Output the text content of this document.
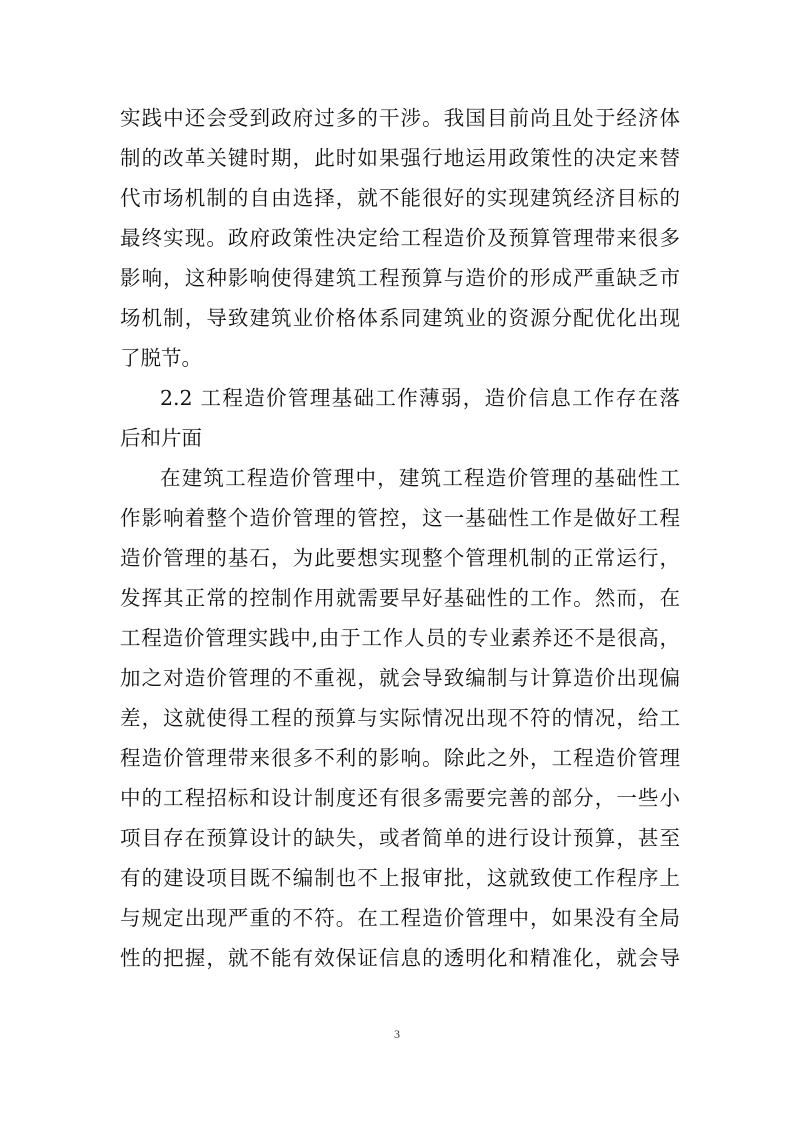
实践中还会受到政府过多的干涉。我国目前尚且处于经济体
制的改革关键时期，此时如果强行地运用政策性的决定来替
代市场机制的自由选择，就不能很好的实现建筑经济目标的
最终实现。政府政策性决定给工程造价及预算管理带来很多
影响，这种影响使得建筑工程预算与造价的形成严重缺乏市
场机制，导致建筑业价格体系同建筑业的资源分配优化出现
了脱节。
2.2 工程造价管理基础工作薄弱，造价信息工作存在落
后和片面
在建筑工程造价管理中，建筑工程造价管理的基础性工
作影响着整个造价管理的管控，这一基础性工作是做好工程
造价管理的基石，为此要想实现整个管理机制的正常运行，
发挥其正常的控制作用就需要早好基础性的工作。然而，在
工程造价管理实践中,由于工作人员的专业素养还不是很高，
加之对造价管理的不重视，就会导致编制与计算造价出现偏
差，这就使得工程的预算与实际情况出现不符的情况，给工
程造价管理带来很多不利的影响。除此之外，工程造价管理
中的工程招标和设计制度还有很多需要完善的部分，一些小
项目存在预算设计的缺失，或者简单的进行设计预算，甚至
有的建设项目既不编制也不上报审批，这就致使工作程序上
与规定出现严重的不符。在工程造价管理中，如果没有全局
性的把握，就不能有效保证信息的透明化和精准化，就会导
3
